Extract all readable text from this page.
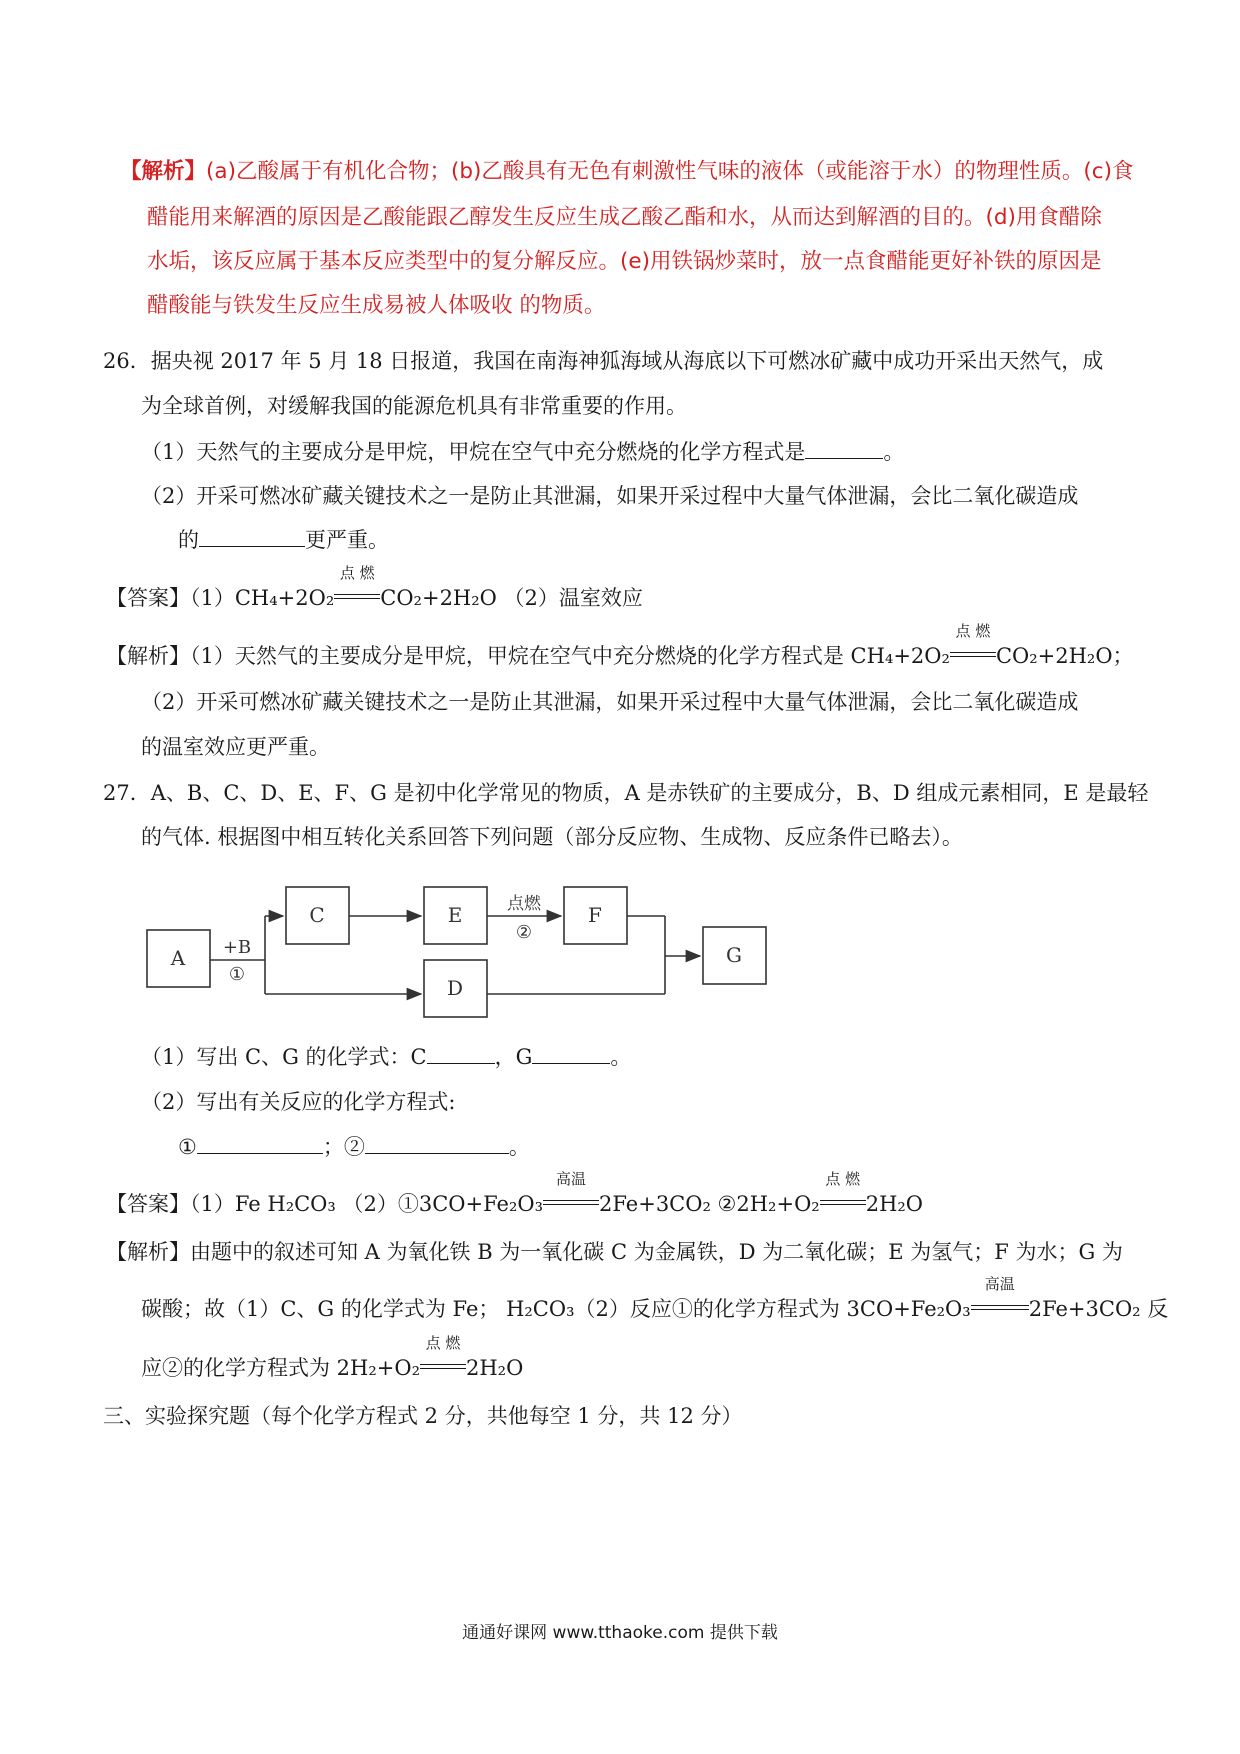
【解析】(a)乙酸属于有机化合物；(b)乙酸具有无色有刺激性气味的液体（或能溶于水）的物理性质。(c)食
醋能用来解酒的原因是乙酸能跟乙醇发生反应生成乙酸乙酯和水，从而达到解酒的目的。(d)用食醋除
水垢，该反应属于基本反应类型中的复分解反应。(e)用铁锅炒菜时，放一点食醋能更好补铁的原因是
醋酸能与铁发生反应生成易被人体吸收 的物质。
26．据央视 2017 年 5 月 18 日报道，我国在南海神狐海域从海底以下可燃冰矿藏中成功开采出天然气，成
为全球首例，对缓解我国的能源危机具有非常重要的作用。
（1）天然气的主要成分是甲烷，甲烷在空气中充分燃烧的化学方程式是	。
（2）开采可燃冰矿藏关键技术之一是防止其泄漏，如果开采过程中大量气体泄漏，会比二氧化碳造成
的	更严重。
【答案】（1）CH₄+2O₂
点 燃
CO₂+2H₂O （2）温室效应
【解析】（1）天然气的主要成分是甲烷，甲烷在空气中充分燃烧的化学方程式是 CH₄+2O₂
点 燃
CO₂+2H₂O；
（2）开采可燃冰矿藏关键技术之一是防止其泄漏，如果开采过程中大量气体泄漏，会比二氧化碳造成
的温室效应更严重。
27．A、B、C、D、E、F、G 是初中化学常见的物质，A 是赤铁矿的主要成分，B、D 组成元素相同，E 是最轻
的气体. 根据图中相互转化关系回答下列问题（部分反应物、生成物、反应条件已略去）。
A
C	E	F
G
D
+B
①
点燃
②
（1）写出 C、G 的化学式：C	，G	。
（2）写出有关反应的化学方程式:
①	；②	。
【答案】（1）Fe H₂CO₃ （2）①3CO+Fe₂O₃
高温
2Fe+3CO₂ ②2H₂+O₂
点 燃
2H₂O
【解析】由题中的叙述可知 A 为氧化铁 B 为一氧化碳 C 为金属铁，D 为二氧化碳；E 为氢气；F 为水；G 为
碳酸；故（1）C、G 的化学式为 Fe； H₂CO₃（2）反应①的化学方程式为 3CO+Fe₂O₃
高温
2Fe+3CO₂ 反
应②的化学方程式为 2H₂+O₂
点 燃
2H₂O
三、实验探究题（每个化学方程式 2 分，共他每空 1 分，共 12 分）
通通好课网 www.tthaoke.com 提供下载
